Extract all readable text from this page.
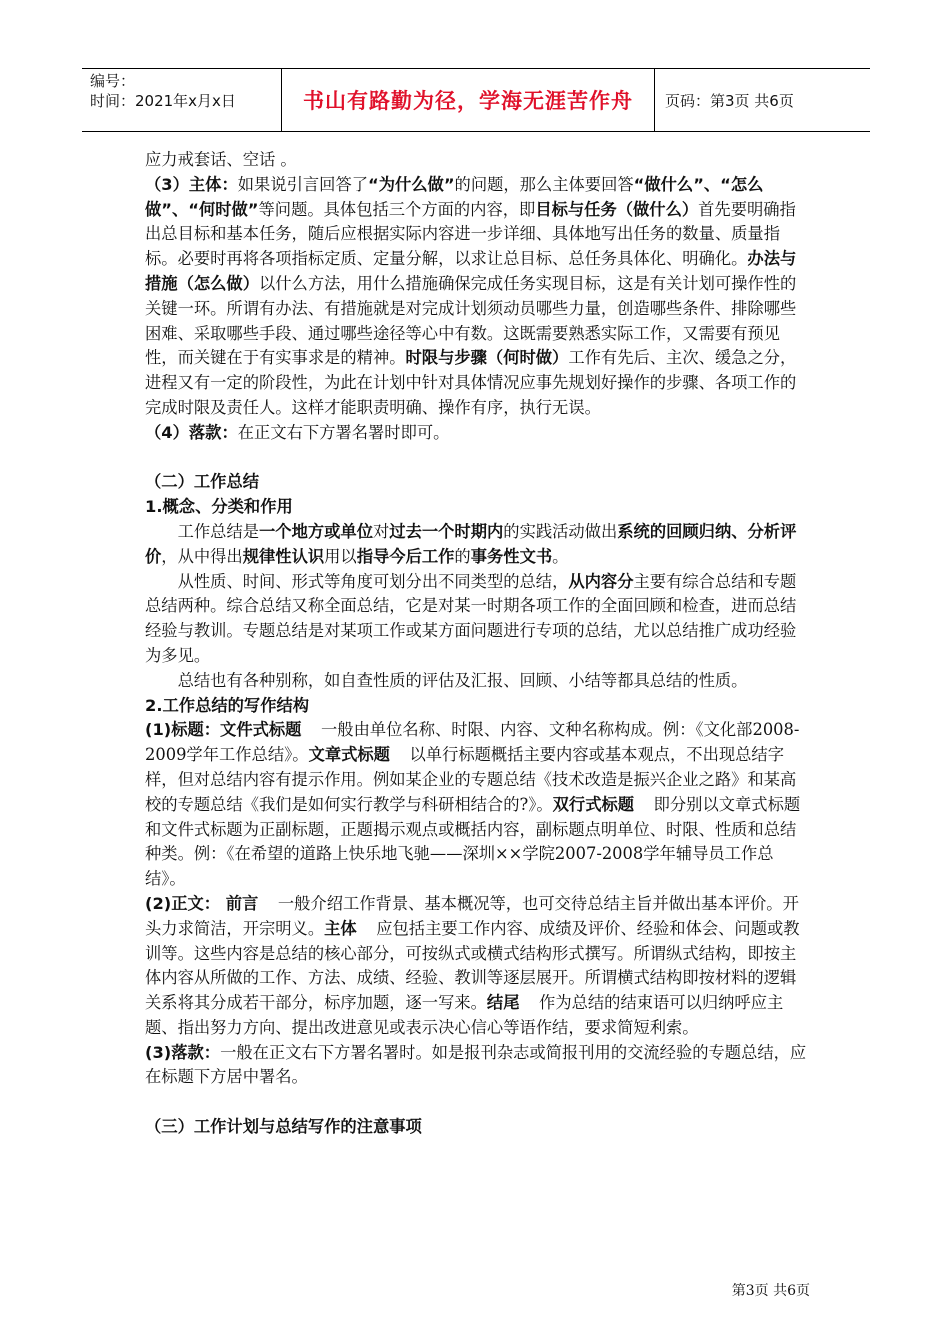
编号：
时间：2021年x月x日	书山有路勤为径，学海无涯苦作舟	页码：第3页 共6页

应力戒套话、空话 。

（3）主体：如果说引言回答了“为什么做”的问题，那么主体要回答“做什么”、“怎么做”、“何时做”等问题。具体包括三个方面的内容，即目标与任务（做什么）首先要明确指出总目标和基本任务，随后应根据实际内容进一步详细、具体地写出任务的数量、质量指标。必要时再将各项指标定质、定量分解，以求让总目标、总任务具体化、明确化。办法与措施（怎么做）以什么方法，用什么措施确保完成任务实现目标，这是有关计划可操作性的关键一环。所谓有办法、有措施就是对完成计划须动员哪些力量，创造哪些条件、排除哪些困难、采取哪些手段、通过哪些途径等心中有数。这既需要熟悉实际工作，又需要有预见性，而关键在于有实事求是的精神。时限与步骤（何时做）工作有先后、主次、缓急之分，进程又有一定的阶段性，为此在计划中针对具体情况应事先规划好操作的步骤、各项工作的完成时限及责任人。这样才能职责明确、操作有序，执行无误。

（4）落款：在正文右下方署名署时即可。

（二）工作总结

1.概念、分类和作用

工作总结是一个地方或单位对过去一个时期内的实践活动做出系统的回顾归纳、分析评价，从中得出规律性认识用以指导今后工作的事务性文书。

从性质、时间、形式等角度可划分出不同类型的总结，从内容分主要有综合总结和专题总结两种。综合总结又称全面总结，它是对某一时期各项工作的全面回顾和检查，进而总结经验与教训。专题总结是对某项工作或某方面问题进行专项的总结，尤以总结推广成功经验为多见。

总结也有各种别称，如自查性质的评估及汇报、回顾、小结等都具总结的性质。

2.工作总结的写作结构

(1)标题：文件式标题 一般由单位名称、时限、内容、文种名称构成。例：《文化部2008-2009学年工作总结》。文章式标题 以单行标题概括主要内容或基本观点，不出现总结字样，但对总结内容有提示作用。例如某企业的专题总结《技术改造是振兴企业之路》和某高校的专题总结《我们是如何实行教学与科研相结合的?》。双行式标题 即分别以文章式标题和文件式标题为正副标题，正题揭示观点或概括内容，副标题点明单位、时限、性质和总结种类。例：《在希望的道路上快乐地飞驰——深圳××学院2007-2008学年辅导员工作总结》。

(2)正文： 前言 一般介绍工作背景、基本概况等，也可交待总结主旨并做出基本评价。开头力求简洁，开宗明义。主体 应包括主要工作内容、成绩及评价、经验和体会、问题或教训等。这些内容是总结的核心部分，可按纵式或横式结构形式撰写。所谓纵式结构，即按主体内容从所做的工作、方法、成绩、经验、教训等逐层展开。所谓横式结构即按材料的逻辑关系将其分成若干部分，标序加题，逐一写来。结尾 作为总结的结束语可以归纳呼应主题、指出努力方向、提出改进意见或表示决心信心等语作结，要求简短利索。

(3)落款：一般在正文右下方署名署时。如是报刊杂志或简报刊用的交流经验的专题总结，应在标题下方居中署名。

（三）工作计划与总结写作的注意事项

第3页 共6页
